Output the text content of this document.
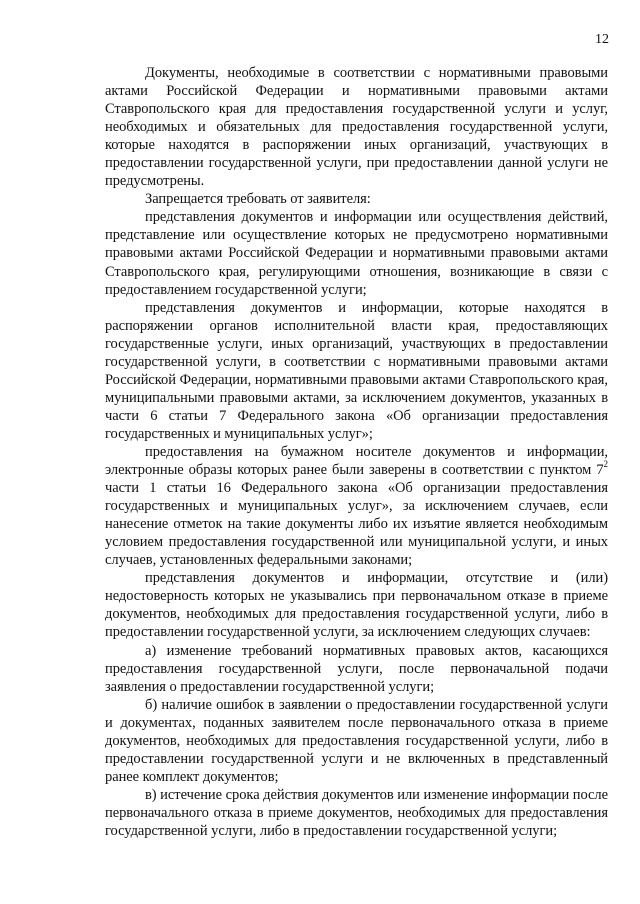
12

Документы, необходимые в соответствии с нормативными правовыми актами Российской Федерации и нормативными правовыми актами Ставропольского края для предоставления государственной услуги и услуг, необходимых и обязательных для предоставления государственной услуги, которые находятся в распоряжении иных организаций, участвующих в предоставлении государственной услуги, при предоставлении данной услуги не предусмотрены.

Запрещается требовать от заявителя:

представления документов и информации или осуществления действий, представление или осуществление которых не предусмотрено нормативными правовыми актами Российской Федерации и нормативными правовыми актами Ставропольского края, регулирующими отношения, возникающие в связи с предоставлением государственной услуги;

представления документов и информации, которые находятся в распоряжении органов исполнительной власти края, предоставляющих государственные услуги, иных организаций, участвующих в предоставлении государственной услуги, в соответствии с нормативными правовыми актами Российской Федерации, нормативными правовыми актами Ставропольского края, муниципальными правовыми актами, за исключением документов, указанных в части 6 статьи 7 Федерального закона «Об организации предоставления государственных и муниципальных услуг»;

предоставления на бумажном носителе документов и информации, электронные образы которых ранее были заверены в соответствии с пунктом $7^2$ части 1 статьи 16 Федерального закона «Об организации предоставления государственных и муниципальных услуг», за исключением случаев, если нанесение отметок на такие документы либо их изъятие является необходимым условием предоставления государственной или муниципальной услуги, и иных случаев, установленных федеральными законами;

представления документов и информации, отсутствие и (или) недостоверность которых не указывались при первоначальном отказе в приеме документов, необходимых для предоставления государственной услуги, либо в предоставлении государственной услуги, за исключением следующих случаев:

а) изменение требований нормативных правовых актов, касающихся предоставления государственной услуги, после первоначальной подачи заявления о предоставлении государственной услуги;

б) наличие ошибок в заявлении о предоставлении государственной услуги и документах, поданных заявителем после первоначального отказа в приеме документов, необходимых для предоставления государственной услуги, либо в предоставлении государственной услуги и не включенных в представленный ранее комплект документов;

в) истечение срока действия документов или изменение информации после первоначального отказа в приеме документов, необходимых для предоставления государственной услуги, либо в предоставлении государственной услуги;
